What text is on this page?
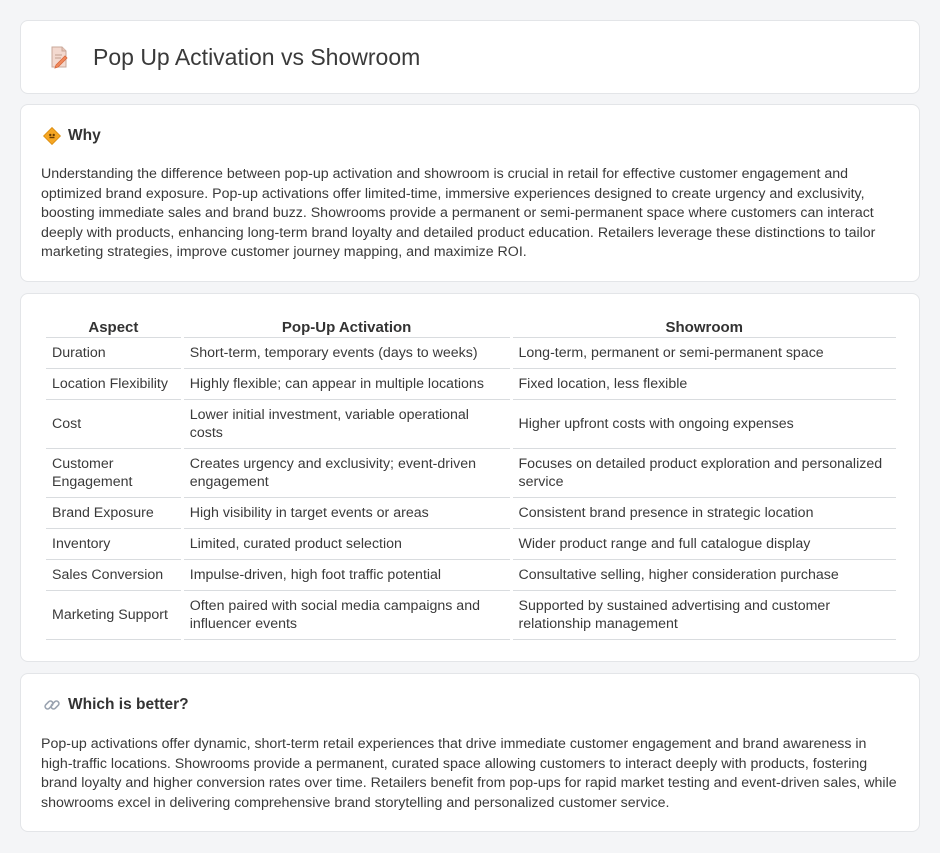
Pop Up Activation vs Showroom
Why

Understanding the difference between pop-up activation and showroom is crucial in retail for effective customer engagement and optimized brand exposure. Pop-up activations offer limited-time, immersive experiences designed to create urgency and exclusivity, boosting immediate sales and brand buzz. Showrooms provide a permanent or semi-permanent space where customers can interact deeply with products, enhancing long-term brand loyalty and detailed product education. Retailers leverage these distinctions to tailor marketing strategies, improve customer journey mapping, and maximize ROI.

Aspect	Pop-Up Activation	Showroom
Duration	Short-term, temporary events (days to weeks)	Long-term, permanent or semi-permanent space
Location Flexibility	Highly flexible; can appear in multiple locations	Fixed location, less flexible
Cost	Lower initial investment, variable operational costs	Higher upfront costs with ongoing expenses
Customer Engagement	Creates urgency and exclusivity; event-driven engagement	Focuses on detailed product exploration and personalized service
Brand Exposure	High visibility in target events or areas	Consistent brand presence in strategic location
Inventory	Limited, curated product selection	Wider product range and full catalogue display
Sales Conversion	Impulse-driven, high foot traffic potential	Consultative selling, higher consideration purchase
Marketing Support	Often paired with social media campaigns and influencer events	Supported by sustained advertising and customer relationship management
Which is better?

Pop-up activations offer dynamic, short-term retail experiences that drive immediate customer engagement and brand awareness in high-traffic locations. Showrooms provide a permanent, curated space allowing customers to interact deeply with products, fostering brand loyalty and higher conversion rates over time. Retailers benefit from pop-ups for rapid market testing and event-driven sales, while showrooms excel in delivering comprehensive brand storytelling and personalized customer service.
